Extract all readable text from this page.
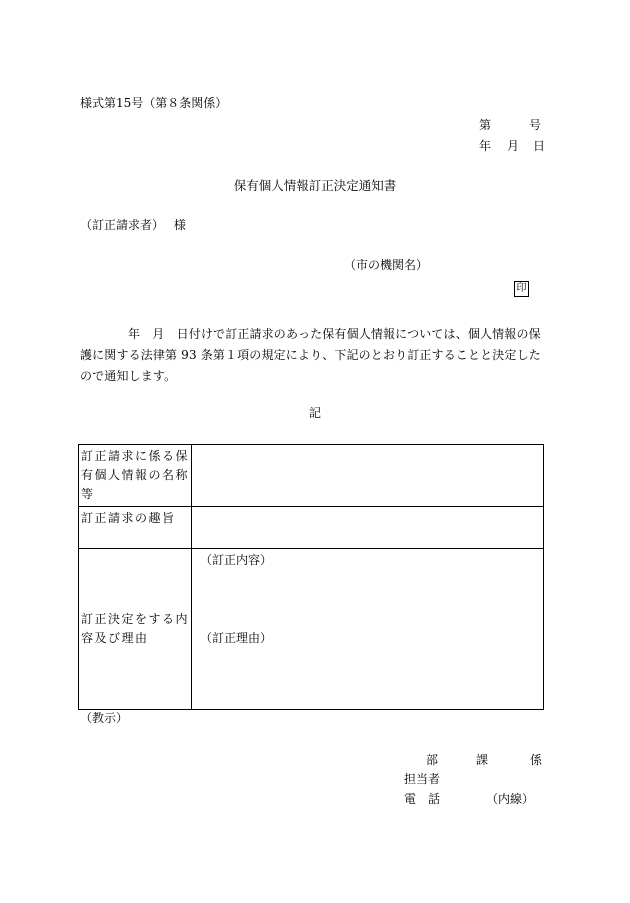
様式第15号（第８条関係）
第	号
年 月 日
保有個人情報訂正決定通知書
（訂正請求者）　 様
（市の機関名）
印
年　月　日付けで訂正請求のあった保有個人情報については、個人情報の保護に関する法律第 93 条第１項の規定により、下記のとおり訂正することと決定したので通知します。
記
訂正請求に係る保有個人情報の名称等	
訂正請求の趣旨	
訂正決定をする内容及び理由	（訂正内容）
（訂正理由）
（教示）
部	課	係
担当者
電　話	（内線）
